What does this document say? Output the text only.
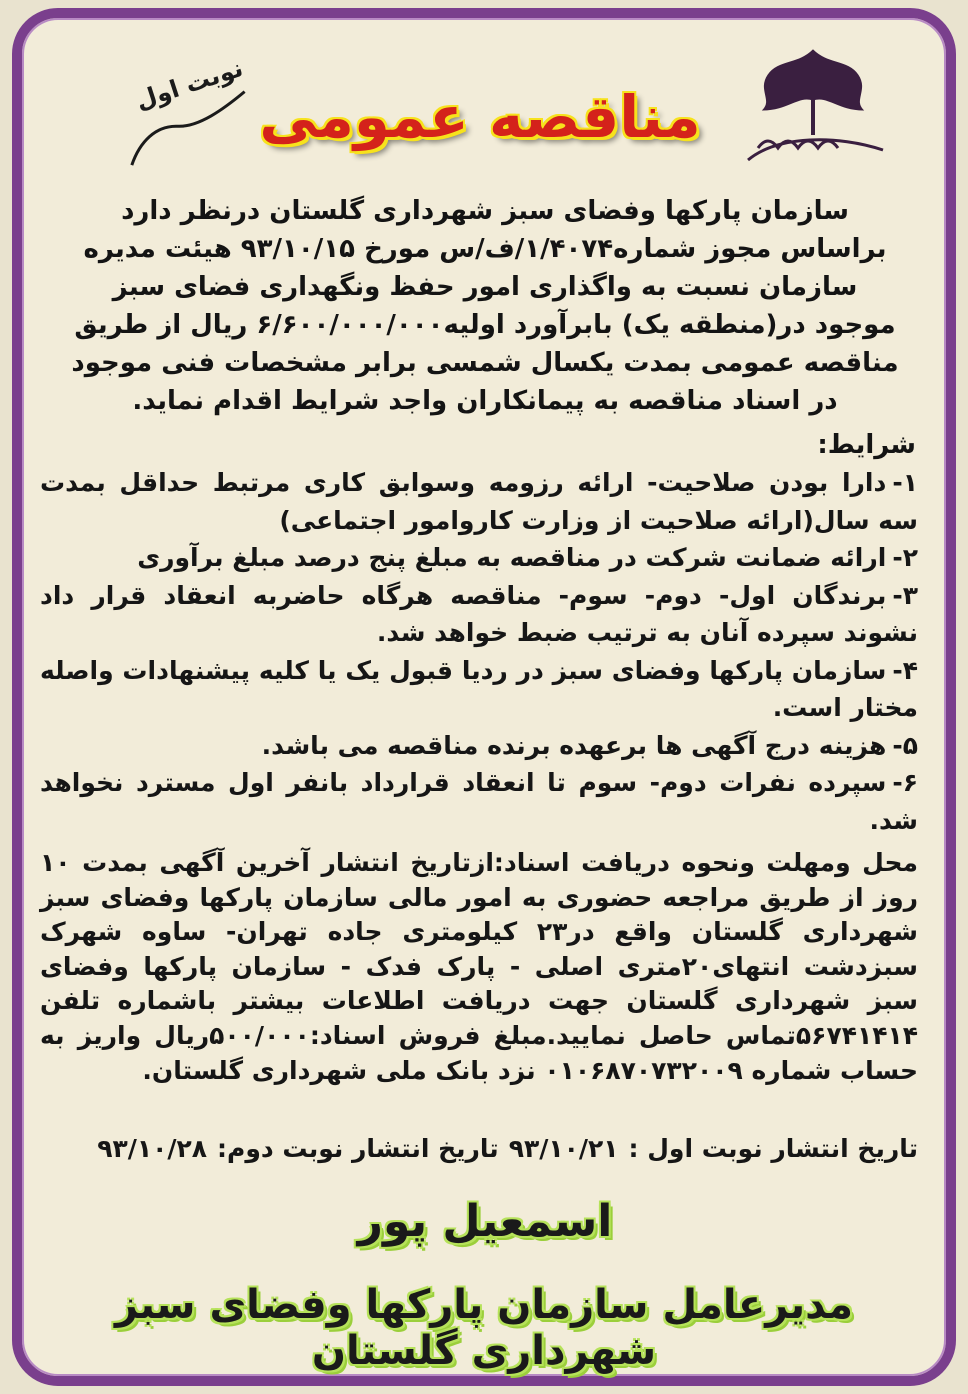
نوبت اول مناقصه عمومی

سازمان پارکها وفضای سبز شهرداری گلستان درنظر دارد براساس مجوز شماره۱/۴۰۷۴/ف/س مورخ ۹۳/۱۰/۱۵ هیئت مدیره سازمان نسبت به واگذاری امور حفظ ونگهداری فضای سبز موجود در(منطقه یک) بابرآورد اولیه۶/۶۰۰/۰۰۰/۰۰۰ ریال از طریق مناقصه عمومی بمدت یکسال شمسی برابر مشخصات فنی موجود در اسناد مناقصه به پیمانکاران واجد شرایط اقدام نماید.

شرایط:
۱-دارا بودن صلاحیت- ارائه رزومه وسوابق کاری مرتبط حداقل بمدت سه سال(ارائه صلاحیت از وزارت کاروامور اجتماعی)
۲-ارائه ضمانت شرکت در مناقصه به مبلغ پنج درصد مبلغ برآوری
۳-برندگان اول- دوم- سوم- مناقصه هرگاه حاضربه انعقاد قرار داد نشوند سپرده آنان به ترتیب ضبط خواهد شد.
۴-سازمان پارکها وفضای سبز در ردیا قبول یک یا کلیه پیشنهادات واصله مختار است.
۵-هزینه درج آگهی ها برعهده برنده مناقصه می باشد.
۶-سپرده نفرات دوم- سوم تا انعقاد قرارداد بانفر اول مسترد نخواهد شد.

محل ومهلت ونحوه دریافت اسناد:ازتاریخ انتشار آخرین آگهی بمدت ۱۰ روز از طریق مراجعه حضوری به امور مالی سازمان پارکها وفضای سبز شهرداری گلستان واقع در۲۳ کیلومتری جاده تهران- ساوه شهرک سبزدشت انتهای۲۰متری اصلی - پارک فدک - سازمان پارکها وفضای سبز شهرداری گلستان جهت دریافت اطلاعات بیشتر باشماره تلفن ۵۶۷۴۱۴۱۴تماس حاصل نمایید.مبلغ فروش اسناد:۵۰۰/۰۰۰ریال واریز به حساب شماره ۰۱۰۶۸۷۰۷۳۲۰۰۹ نزد بانک ملی شهرداری گلستان.

تاریخ انتشار نوبت اول :۹۳/۱۰/۲۱تاریخ انتشار نوبت دوم:۹۳/۱۰/۲۸

اسمعیل پور
مدیرعامل سازمان پارکها وفضای سبز شهرداری گلستان
